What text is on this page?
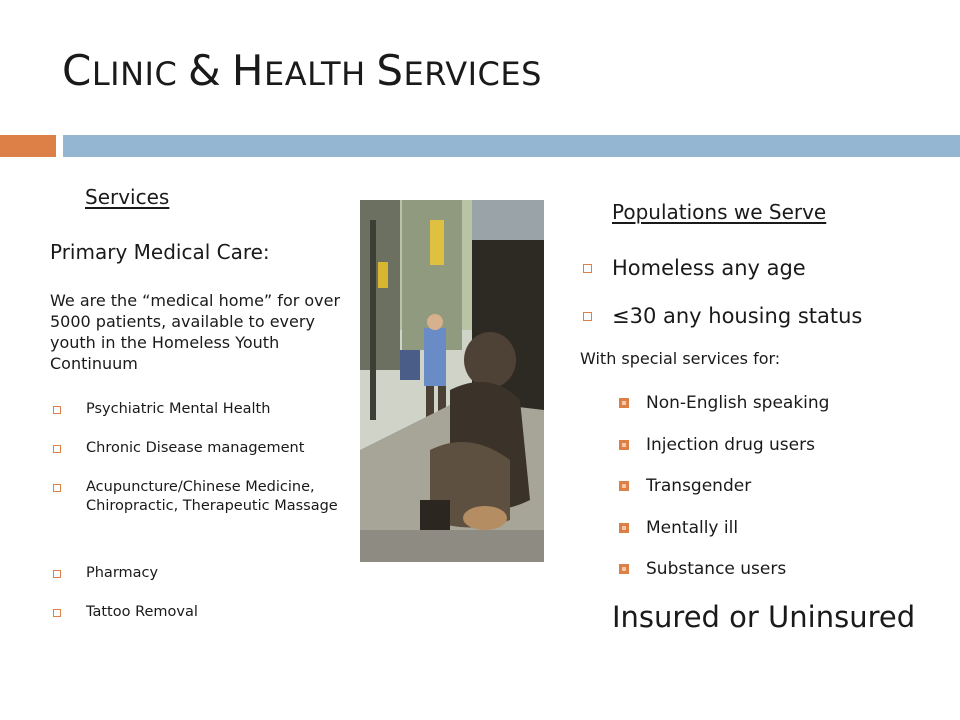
CLINIC & HEALTH SERVICES
Services
Primary Medical Care:

We are the “medical home” for over 5000 patients, available to every youth in the Homeless Youth Continuum

Psychiatric Mental Health
Chronic Disease management
Acupuncture/Chinese Medicine, Chiropractic, Therapeutic Massage
Pharmacy
Tattoo Removal
Populations we Serve
Homeless any age
≤30 any housing status
With special services for:
Non-English speaking
Injection drug users
Transgender
Mentally ill
Substance users
Insured or Uninsured
